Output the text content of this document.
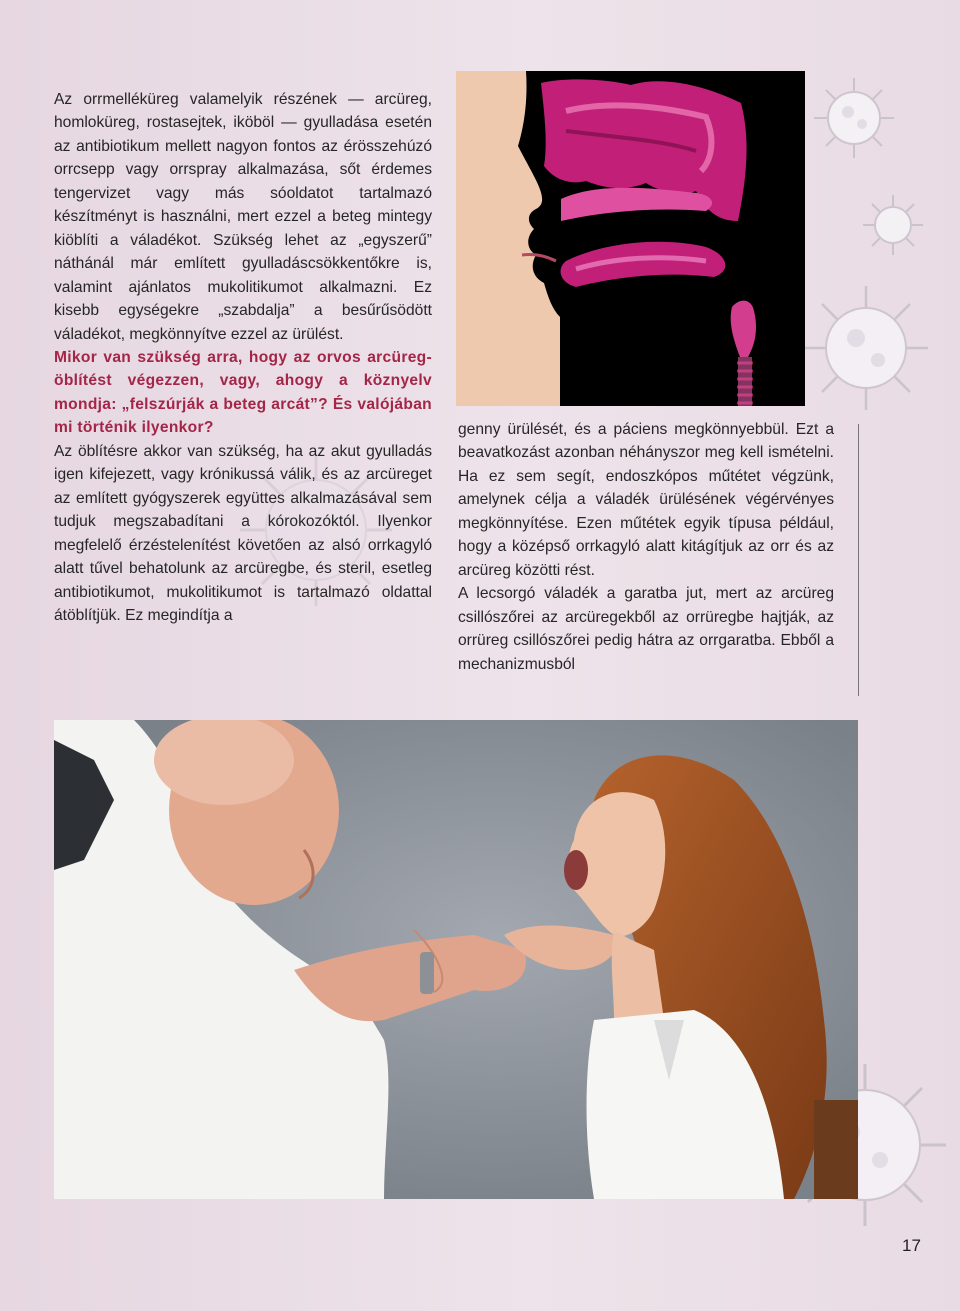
Az orrmelléküreg valamelyik részének — arcüreg, homloküreg, rostasejtek, iköböl — gyulladása esetén az antibiotikum mellett nagyon fontos az érösszehúzó orrcsepp vagy orrspray alkalmazása, sőt érdemes tengervizet vagy más sóoldatot tartalmazó készítményt is használni, mert ezzel a beteg mintegy kiöblíti a váladékot. Szükség lehet az „egyszerű” náthánál már említett gyulladáscsökkentőkre is, valamint ajánlatos mukolitikumot alkalmazni. Ez kisebb egységekre „szabdalja” a besűrűsödött váladékot, megkönnyítve ezzel az ürülést.

Mikor van szükség arra, hogy az orvos arcüreg-öblítést végezzen, vagy, ahogy a köznyelv mondja: „felszúrják a beteg arcát”? És valójában mi történik ilyenkor?

Az öblítésre akkor van szükség, ha az akut gyulladás igen kifejezett, vagy krónikussá válik, és az arcüreget az említett gyógyszerek együttes alkalmazásával sem tudjuk megszabadítani a kórokozóktól. Ilyenkor megfelelő érzéstelenítést követően az alsó orrkagyló alatt tűvel behatolunk az arcüregbe, és steril, esetleg antibiotikumot, mukolitikumot is tartalmazó oldattal átöblítjük. Ez megindítja a

genny ürülését, és a páciens megkönnyebbül. Ezt a beavatkozást azonban néhányszor meg kell ismételni. Ha ez sem segít, endoszkópos műtétet végzünk, amelynek célja a váladék ürülésének végérvényes megkönnyítése. Ezen műtétek egyik típusa például, hogy a középső orrkagyló alatt kitágítjuk az orr és az arcüreg közötti rést.

A lecsorgó váladék a garatba jut, mert az arcüreg csillószőrei az arcüregekből az orrüregbe hajtják, az orrüreg csillószőrei pedig hátra az orrgaratba. Ebből a mechanizmusból

17
